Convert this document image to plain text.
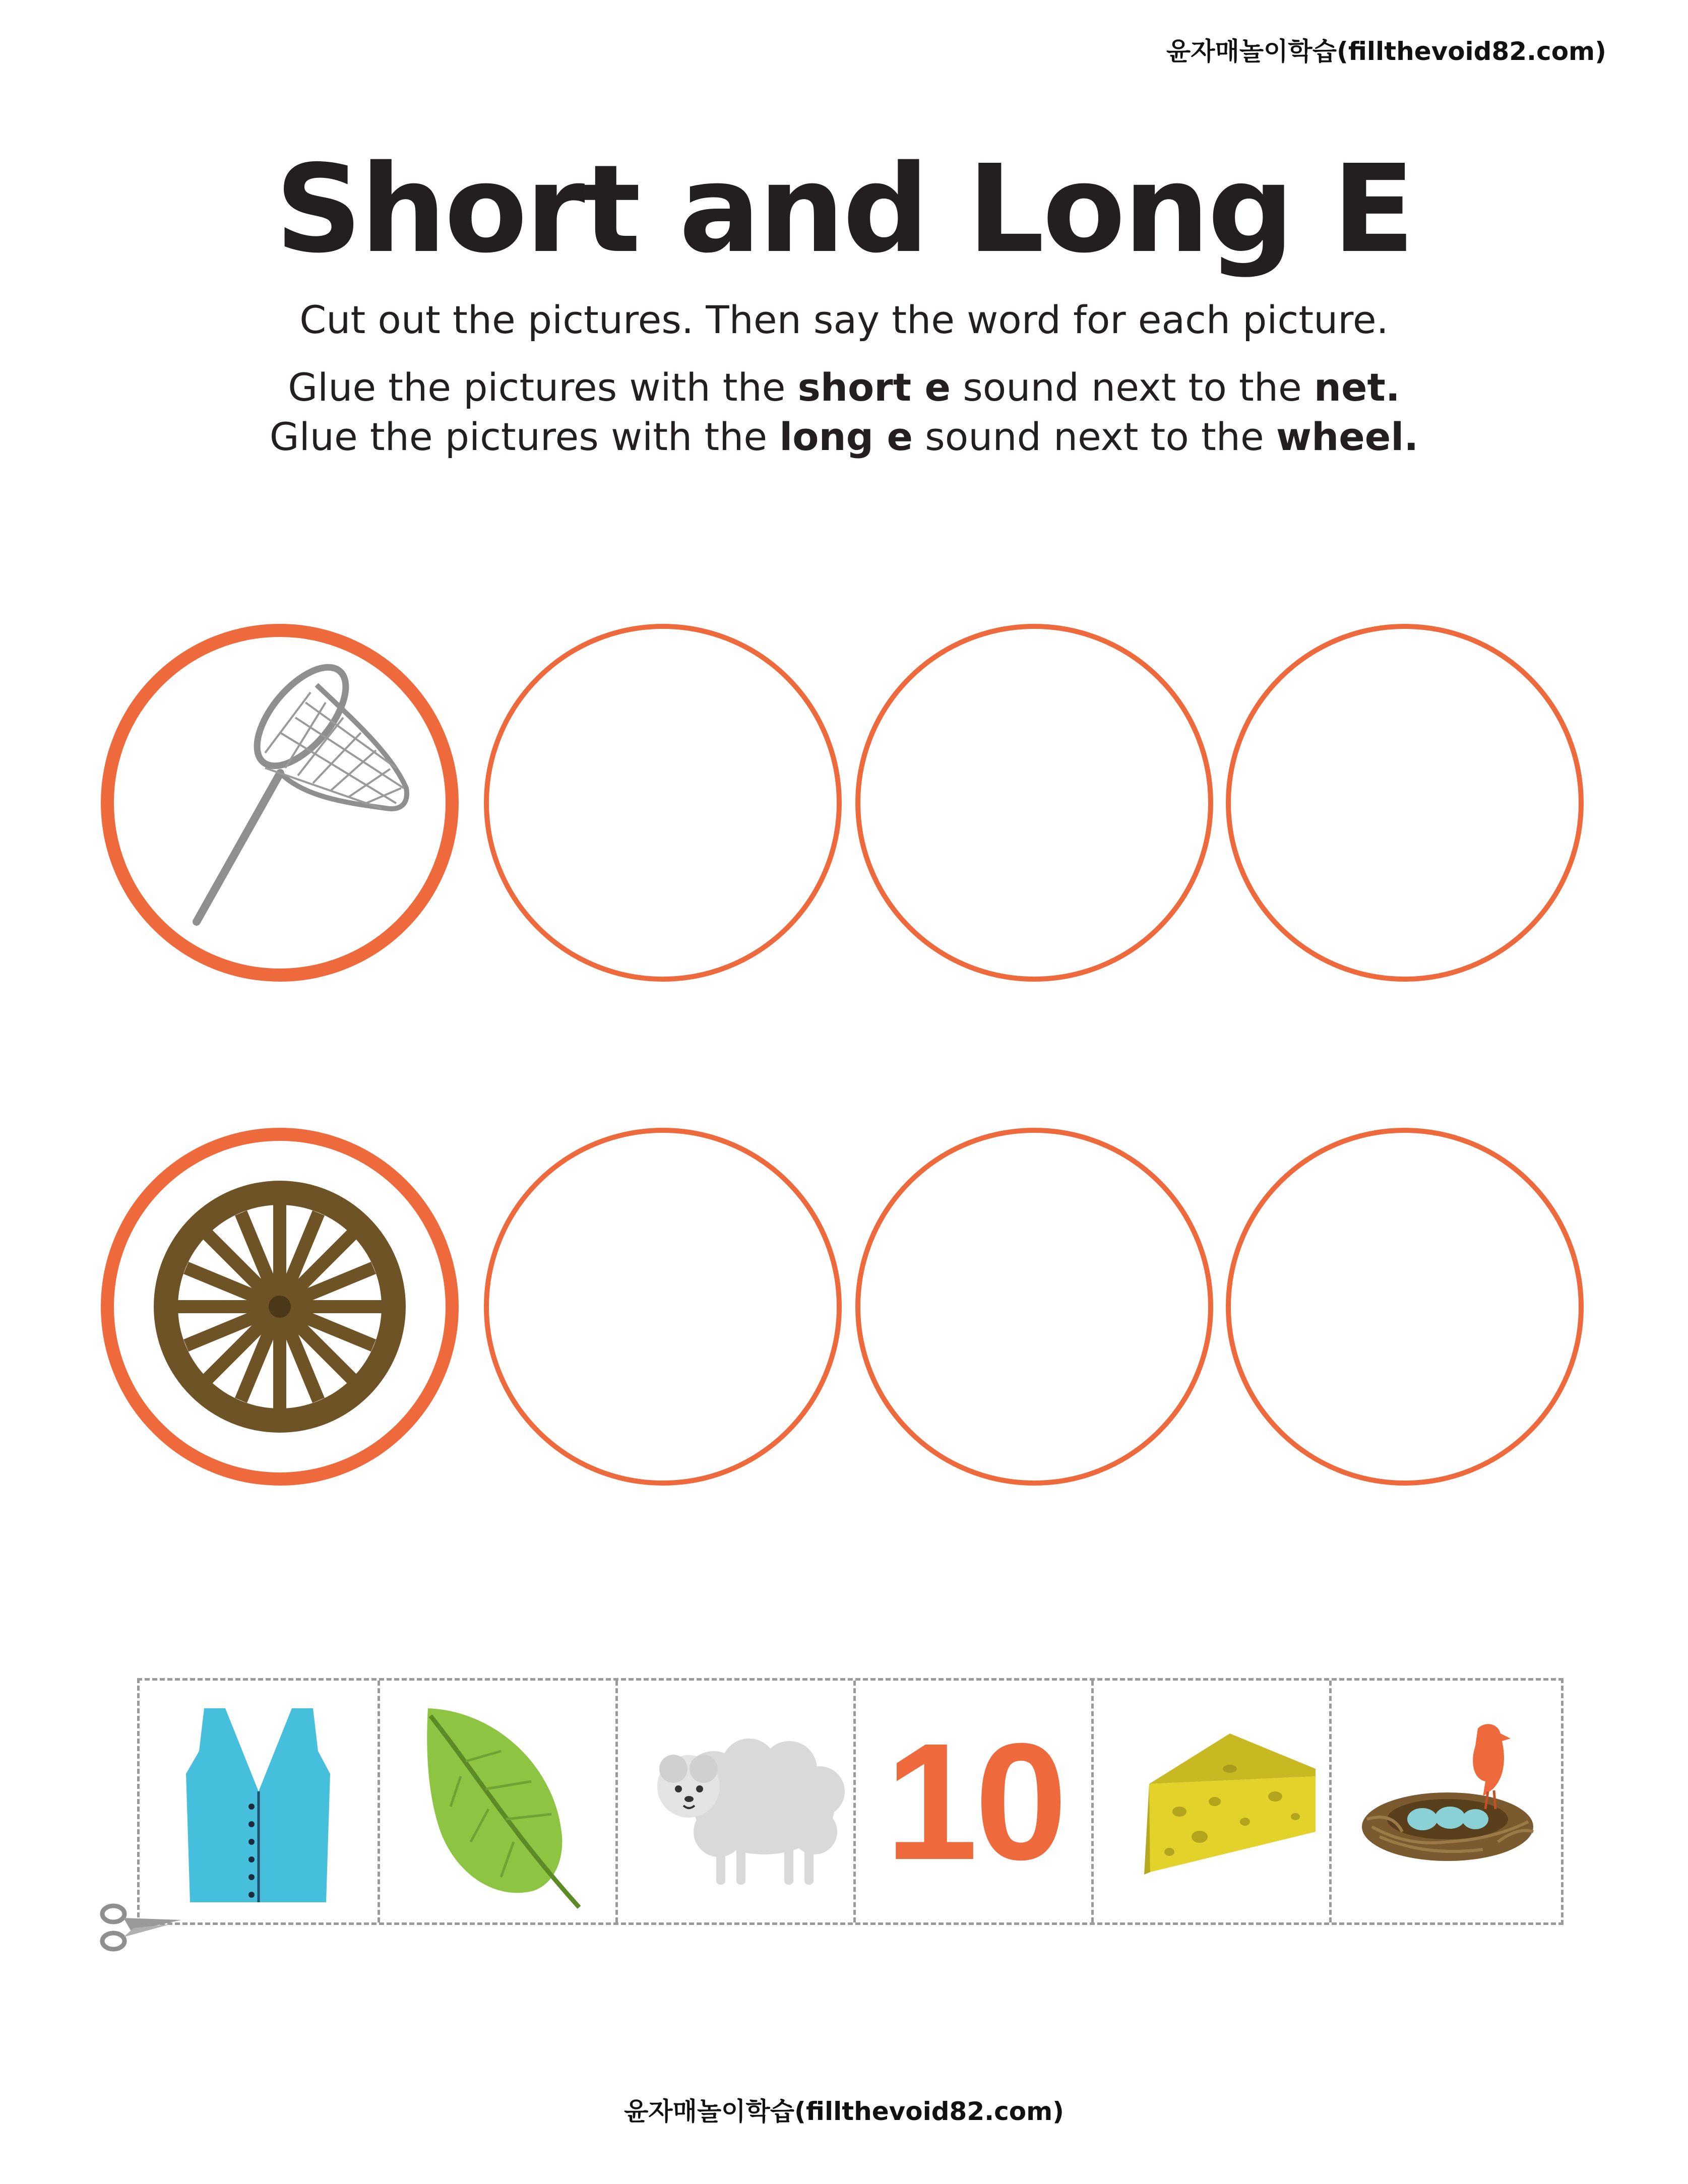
윤자매놀이학습(fillthevoid82.com)
Short and Long E
Cut out the pictures. Then say the word for each picture.
Glue the pictures with the short e sound next to the net.
Glue the pictures with the long e sound next to the wheel.
10
윤자매놀이학습(fillthevoid82.com)
